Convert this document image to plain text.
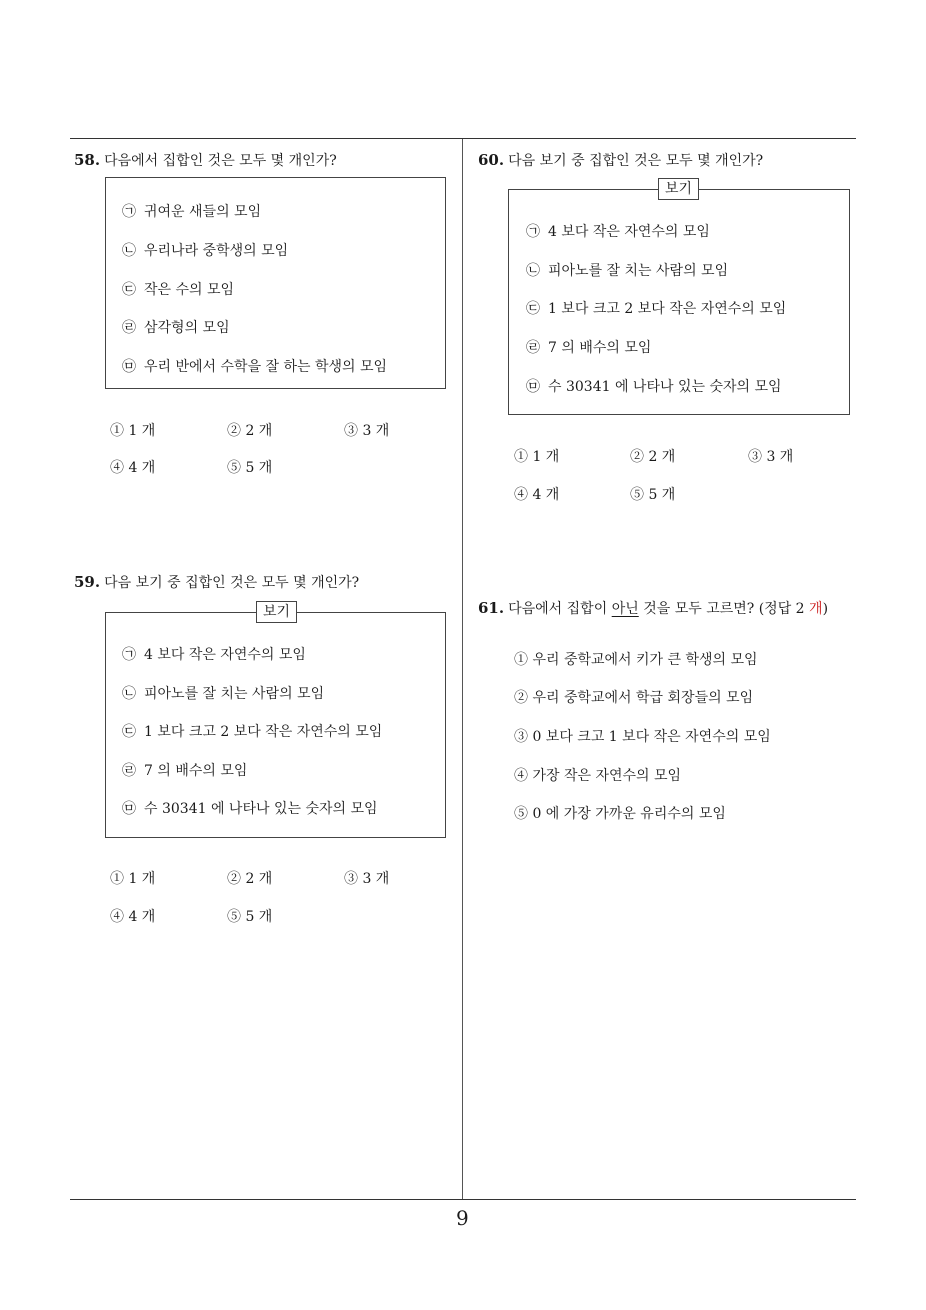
58. 다음에서 집합인 것은 모두 몇 개인가?
㉠ 귀여운 새들의 모임
㉡ 우리나라 중학생의 모임
㉢ 작은 수의 모임
㉣ 삼각형의 모임
㉤ 우리 반에서 수학을 잘 하는 학생의 모임
① 1 개	② 2 개	③ 3 개
④ 4 개	⑤ 5 개
59. 다음 보기 중 집합인 것은 모두 몇 개인가?
보기
㉠ 4 보다 작은 자연수의 모임
㉡ 피아노를 잘 치는 사람의 모임
㉢ 1 보다 크고 2 보다 작은 자연수의 모임
㉣ 7 의 배수의 모임
㉤ 수 30341 에 나타나 있는 숫자의 모임
① 1 개	② 2 개	③ 3 개
④ 4 개	⑤ 5 개
60. 다음 보기 중 집합인 것은 모두 몇 개인가?
보기
㉠ 4 보다 작은 자연수의 모임
㉡ 피아노를 잘 치는 사람의 모임
㉢ 1 보다 크고 2 보다 작은 자연수의 모임
㉣ 7 의 배수의 모임
㉤ 수 30341 에 나타나 있는 숫자의 모임
① 1 개	② 2 개	③ 3 개
④ 4 개	⑤ 5 개
61. 다음에서 집합이 아닌 것을 모두 고르면? (정답 2 개)
① 우리 중학교에서 키가 큰 학생의 모임
② 우리 중학교에서 학급 회장들의 모임
③ 0 보다 크고 1 보다 작은 자연수의 모임
④ 가장 작은 자연수의 모임
⑤ 0 에 가장 가까운 유리수의 모임
9
